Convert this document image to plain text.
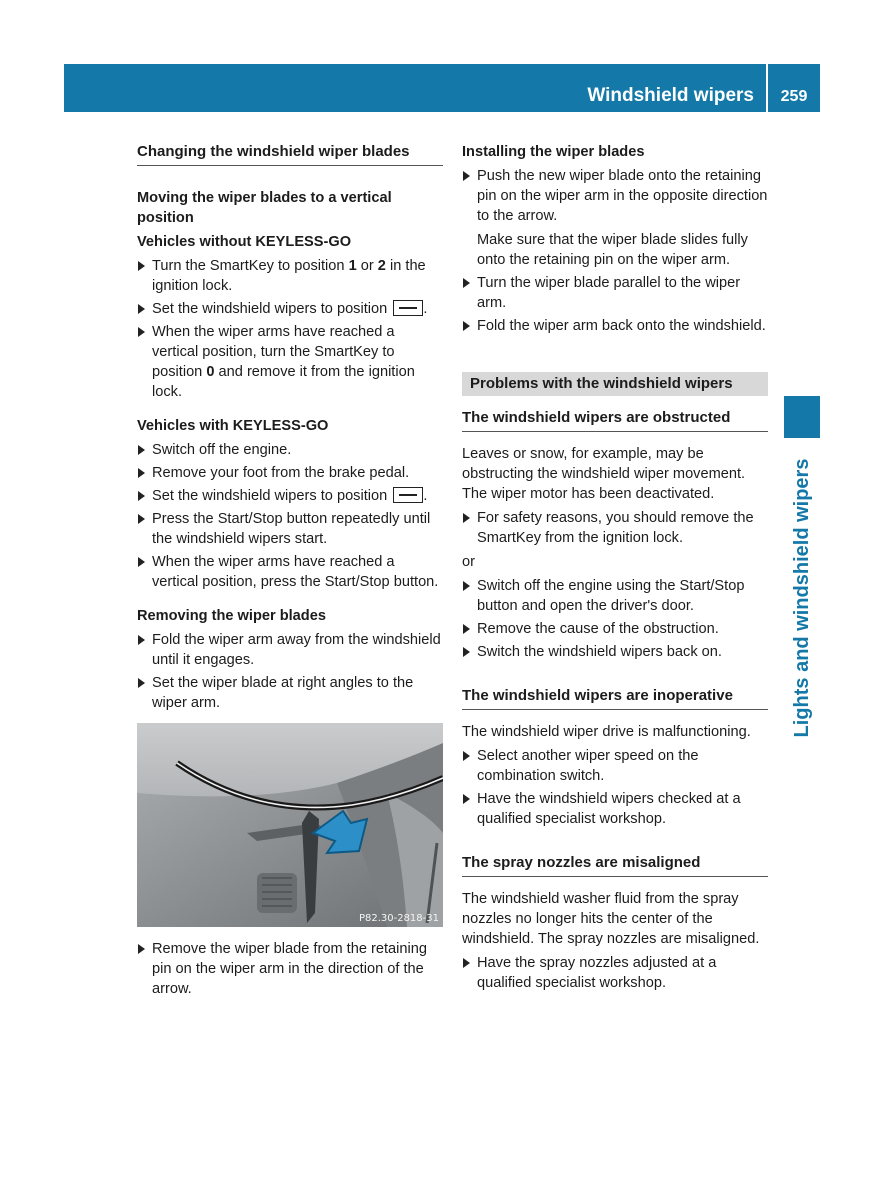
Windshield wipers	259
Lights and windshield wipers
Changing the windshield wiper blades
Moving the wiper blades to a vertical position
Vehicles without KEYLESS-GO
Turn the SmartKey to position 1 or 2 in the ignition lock.
Set the windshield wipers to position .
When the wiper arms have reached a vertical position, turn the SmartKey to position 0 and remove it from the ignition lock.
Vehicles with KEYLESS-GO
Switch off the engine.
Remove your foot from the brake pedal.
Set the windshield wipers to position .
Press the Start/Stop button repeatedly until the windshield wipers start.
When the wiper arms have reached a vertical position, press the Start/Stop button.
Removing the wiper blades
Fold the wiper arm away from the windshield until it engages.
Set the wiper blade at right angles to the wiper arm.
P82.30-2818-31
Remove the wiper blade from the retaining pin on the wiper arm in the direction of the arrow.
Installing the wiper blades
Push the new wiper blade onto the retaining pin on the wiper arm in the opposite direction to the arrow.

Make sure that the wiper blade slides fully onto the retaining pin on the wiper arm.

Turn the wiper blade parallel to the wiper arm.
Fold the wiper arm back onto the windshield.
Problems with the windshield wipers
The windshield wipers are obstructed

Leaves or snow, for example, may be obstructing the windshield wiper movement. The wiper motor has been deactivated.

For safety reasons, you should remove the SmartKey from the ignition lock.

or

Switch off the engine using the Start/Stop button and open the driver's door.
Remove the cause of the obstruction.
Switch the windshield wipers back on.
The windshield wipers are inoperative

The windshield wiper drive is malfunctioning.

Select another wiper speed on the combination switch.
Have the windshield wipers checked at a qualified specialist workshop.
The spray nozzles are misaligned

The windshield washer fluid from the spray nozzles no longer hits the center of the windshield. The spray nozzles are misaligned.

Have the spray nozzles adjusted at a qualified specialist workshop.
